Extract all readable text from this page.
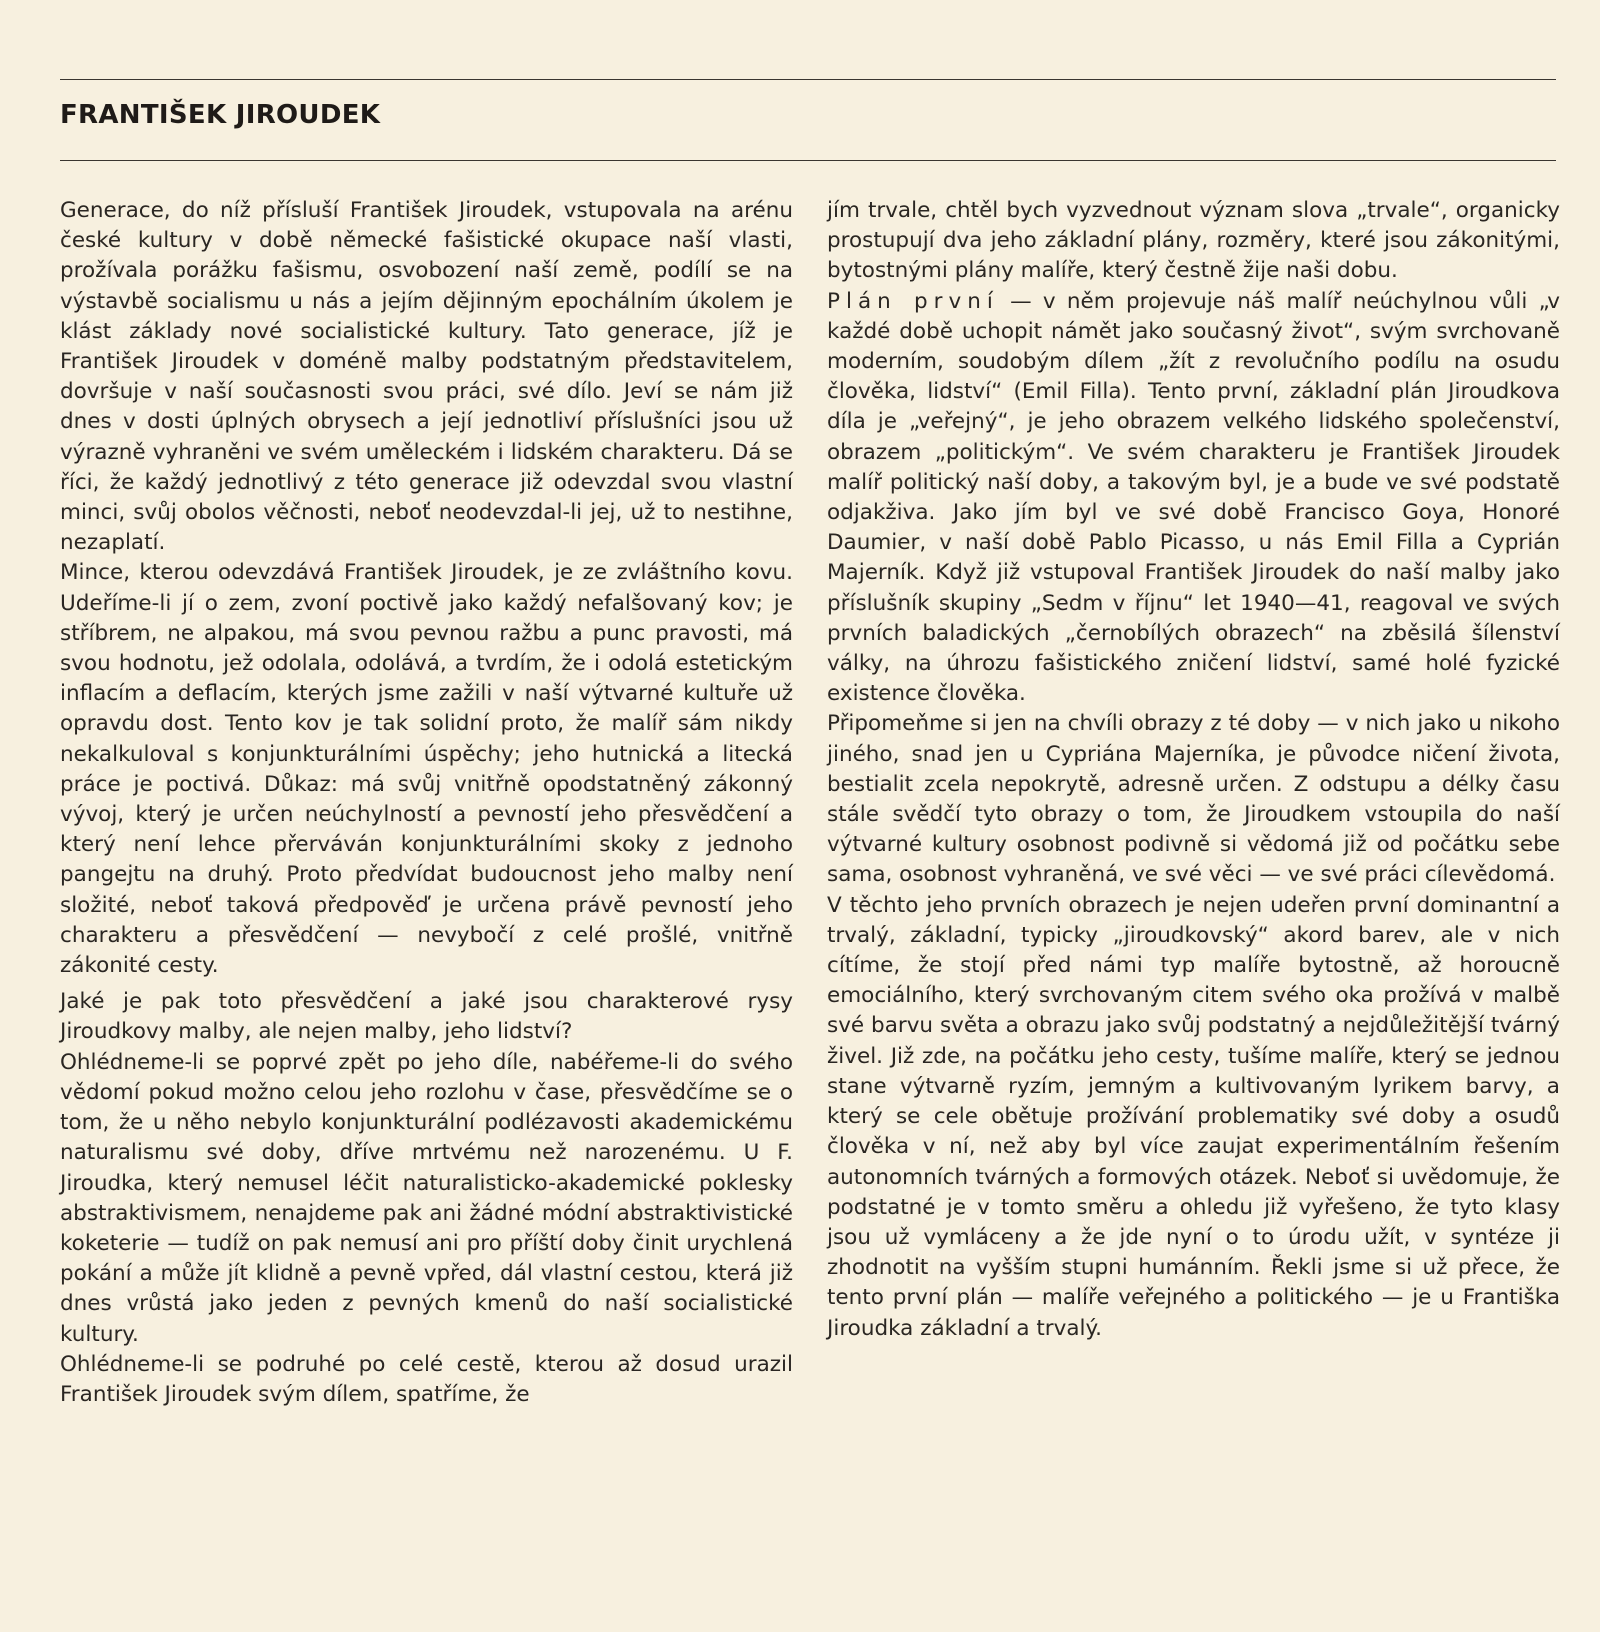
FRANTIŠEK JIROUDEK

Generace, do níž přísluší František Jiroudek, vstupovala na arénu české kultury v době německé fašistické okupace naší vlasti, prožívala porážku fašismu, osvobození naší země, podílí se na výstavbě socialismu u nás a jejím dějinným epochálním úkolem je klást základy nové socialistické kultury. Tato generace, jíž je František Jiroudek v doméně malby podstatným představitelem, dovršuje v naší současnosti svou práci, své dílo. Jeví se nám již dnes v dosti úplných obrysech a její jednotliví příslušníci jsou už výrazně vyhraněni ve svém uměleckém i lidském charakteru. Dá se říci, že každý jednotlivý z této generace již odevzdal svou vlastní minci, svůj obolos věčnosti, neboť neodevzdal-li jej, už to nestihne, nezaplatí.

Mince, kterou odevzdává František Jiroudek, je ze zvláštního kovu. Udeříme-li jí o zem, zvoní poctivě jako každý nefalšovaný kov; je stříbrem, ne alpakou, má svou pevnou ražbu a punc pravosti, má svou hodnotu, jež odolala, odolává, a tvrdím, že i odolá estetickým inflacím a deflacím, kterých jsme zažili v naší výtvarné kultuře už opravdu dost. Tento kov je tak solidní proto, že malíř sám nikdy nekalkuloval s konjunkturálními úspěchy; jeho hutnická a litecká práce je poctivá. Důkaz: má svůj vnitřně opodstatněný zákonný vývoj, který je určen neúchylností a pevností jeho přesvědčení a který není lehce přerváván konjunkturálními skoky z jednoho pangejtu na druhý. Proto předvídat budoucnost jeho malby není složité, neboť taková předpověď je určena právě pevností jeho charakteru a přesvědčení — nevybočí z celé prošlé, vnitřně zákonité cesty.

Jaké je pak toto přesvědčení a jaké jsou charakterové rysy Jiroudkovy malby, ale nejen malby, jeho lidství?

Ohlédneme-li se poprvé zpět po jeho díle, nabéřeme-li do svého vědomí pokud možno celou jeho rozlohu v čase, přesvědčíme se o tom, že u něho nebylo konjunkturální podlézavosti akademickému naturalismu své doby, dříve mrtvému než narozenému. U F. Jiroudka, který nemusel léčit naturalisticko-akademické poklesky abstraktivismem, nenajdeme pak ani žádné módní abstraktivistické koketerie — tudíž on pak nemusí ani pro příští doby činit urychlená pokání a může jít klidně a pevně vpřed, dál vlastní cestou, která již dnes vrůstá jako jeden z pevných kmenů do naší socialistické kultury.

Ohlédneme-li se podruhé po celé cestě, kterou až dosud urazil František Jiroudek svým dílem, spatříme, že

jím trvale, chtěl bych vyzvednout význam slova „trvale“, organicky prostupují dva jeho základní plány, rozměry, které jsou zákonitými, bytostnými plány malíře, který čestně žije naši dobu.

Plán první — v něm projevuje náš malíř neúchylnou vůli „v každé době uchopit námět jako současný život“, svým svrchovaně moderním, soudobým dílem „žít z revolučního podílu na osudu člověka, lidství“ (Emil Filla). Tento první, základní plán Jiroudkova díla je „veřejný“, je jeho obrazem velkého lidského společenství, obrazem „politickým“. Ve svém charakteru je František Jiroudek malíř politický naší doby, a takovým byl, je a bude ve své podstatě odjakživa. Jako jím byl ve své době Francisco Goya, Honoré Daumier, v naší době Pablo Picasso, u nás Emil Filla a Cyprián Majerník. Když již vstupoval František Jiroudek do naší malby jako příslušník skupiny „Sedm v říjnu“ let 1940—41, reagoval ve svých prvních baladických „černobílých obrazech“ na zběsilá šílenství války, na úhrozu fašistického zničení lidství, samé holé fyzické existence člověka.

Připomeňme si jen na chvíli obrazy z té doby — v nich jako u nikoho jiného, snad jen u Cypriána Majerníka, je původce ničení života, bestialit zcela nepokrytě, adresně určen. Z odstupu a délky času stále svědčí tyto obrazy o tom, že Jiroudkem vstoupila do naší výtvarné kultury osobnost podivně si vědomá již od počátku sebe sama, osobnost vyhraněná, ve své věci — ve své práci cílevědomá.

V těchto jeho prvních obrazech je nejen udeřen první dominantní a trvalý, základní, typicky „jiroudkovský“ akord barev, ale v nich cítíme, že stojí před námi typ malíře bytostně, až horoucně emociálního, který svrchovaným citem svého oka prožívá v malbě své barvu světa a obrazu jako svůj podstatný a nejdůležitější tvárný živel. Již zde, na počátku jeho cesty, tušíme malíře, který se jednou stane výtvarně ryzím, jemným a kultivovaným lyrikem barvy, a který se cele obětuje prožívání problematiky své doby a osudů člověka v ní, než aby byl více zaujat experimentálním řešením autonomních tvárných a formových otázek. Neboť si uvědomuje, že podstatné je v tomto směru a ohledu již vyřešeno, že tyto klasy jsou už vymláceny a že jde nyní o to úrodu užít, v syntéze ji zhodnotit na vyšším stupni humánním. Řekli jsme si už přece, že tento první plán — malíře veřejného a politického — je u Františka Jiroudka základní a trvalý.
